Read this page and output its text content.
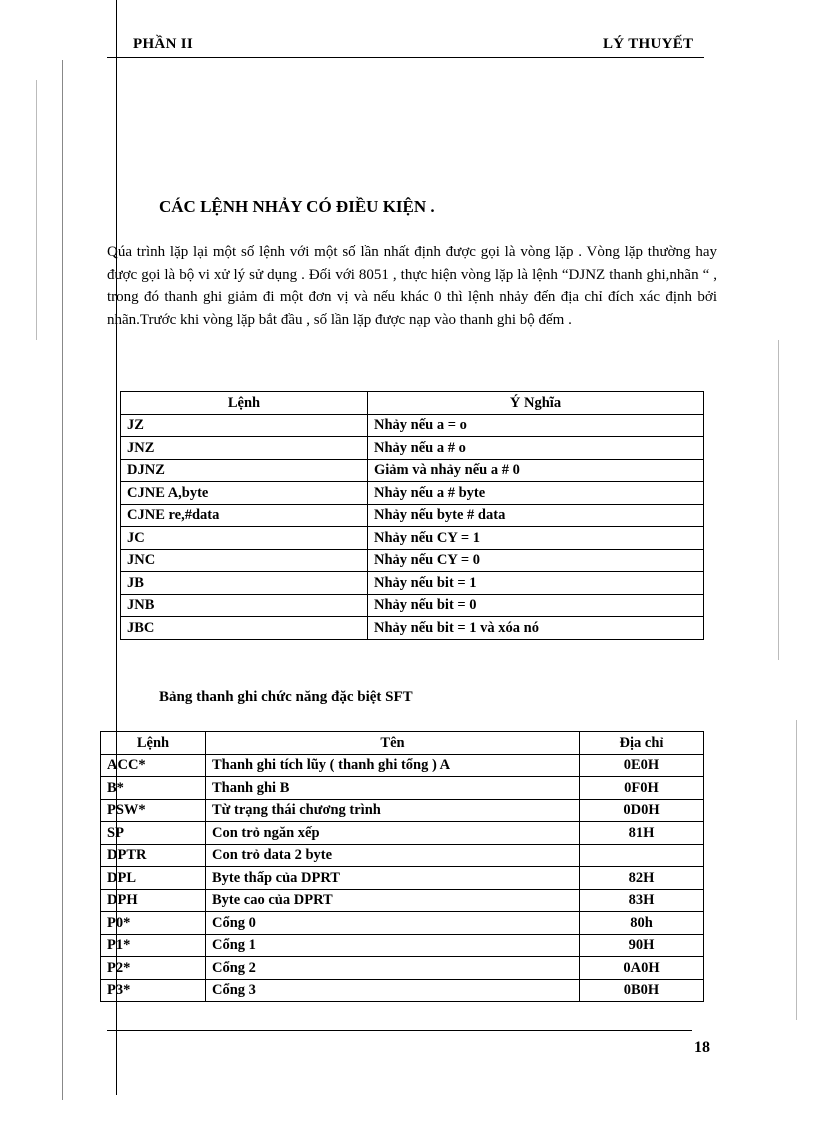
PHẦN II	LÝ THUYẾT
CÁC LỆNH NHẢY CÓ ĐIỀU KIỆN .
Qúa trình lặp lại một số lệnh với một số lần nhất định được gọi là vòng lặp . Vòng lặp thường hay được gọi là bộ vi xử lý sử dụng . Đối với 8051 , thực hiện vòng lặp là lệnh “DJNZ thanh ghi,nhãn “ , trong đó thanh ghi giảm đi một đơn vị và nếu khác 0 thì lệnh nhảy đến địa chỉ đích xác định bởi nhãn.Trước khi vòng lặp bắt đầu , số lần lặp được nạp vào thanh ghi bộ đếm .
Lệnh	Ý Nghĩa
JZ	Nhảy nếu a = o
JNZ	Nhảy nếu a # o
DJNZ	Giảm và nhảy nếu a # 0
CJNE A,byte	Nhảy nếu a # byte
CJNE re,#data	Nhảy nếu byte # data
JC	Nhảy nếu CY = 1
JNC	Nhảy nếu CY = 0
JB	Nhảy nếu bit = 1
JNB	Nhảy nếu bit = 0
JBC	Nhảy nếu bit = 1 và xóa nó
Bảng thanh ghi chức năng đặc biệt SFT
Lệnh	Tên	Địa chỉ
ACC*	Thanh ghi tích lũy ( thanh ghi tổng ) A	0E0H
B*	Thanh ghi B	0F0H
PSW*	Từ trạng thái chương trình	0D0H
SP	Con trỏ ngăn xếp	81H
DPTR	Con trỏ data 2 byte	
DPL	Byte thấp của DPRT	82H
DPH	Byte cao của DPRT	83H
P0*	Cổng 0	80h
P1*	Cổng 1	90H
P2*	Cổng 2	0A0H
P3*	Cổng 3	0B0H
18
